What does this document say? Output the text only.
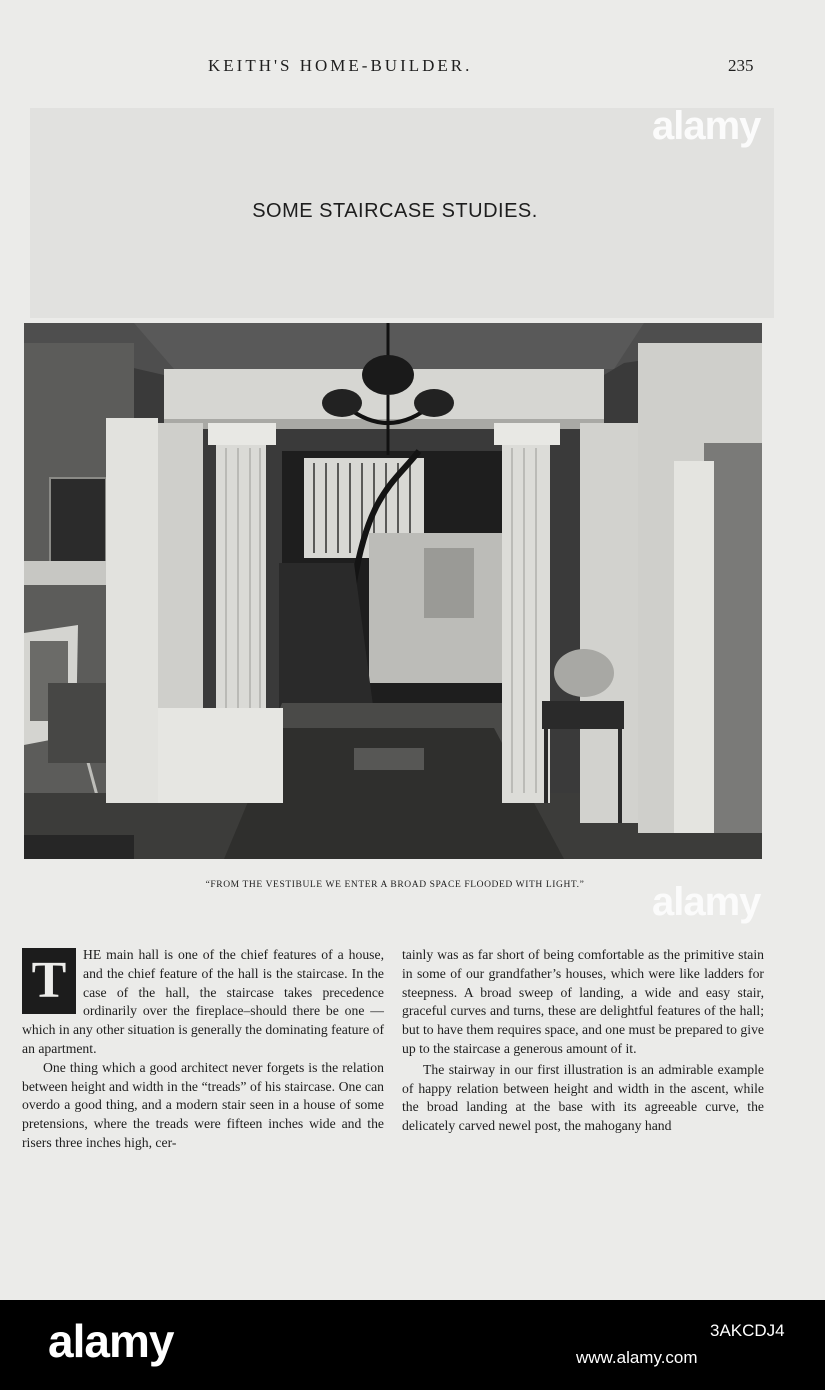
KEITH'S HOME-BUILDER.	235
SOME STAIRCASE STUDIES.
“FROM THE VESTIBULE WE ENTER A BROAD SPACE FLOODED WITH LIGHT.”
T	HE main hall is one of the chief features of a house, and the chief feature of the hall is the staircase. In the case of the hall, the staircase takes precedence ordinarily over the fireplace–should there be one —which in any other situation is generally the dominating feature of an apartment.

One thing which a good architect never forgets is the relation between height and width in the “treads” of his staircase. One can overdo a good thing, and a modern stair seen in a house of some pretensions, where the treads were fifteen inches wide and the risers three inches high, cer-

tainly was as far short of being comfortable as the primitive stain in some of our grandfather’s houses, which were like ladders for steepness. A broad sweep of landing, a wide and easy stair, graceful curves and turns, these are delightful features of the hall; but to have them requires space, and one must be prepared to give up to the staircase a generous amount of it.

The stairway in our first illustration is an admirable example of happy relation between height and width in the ascent, while the broad landing at the base with its agreeable curve, the delicately carved newel post, the mahogany hand

alamy
alamy
alamy	3AKCDJ4
www.alamy.com
